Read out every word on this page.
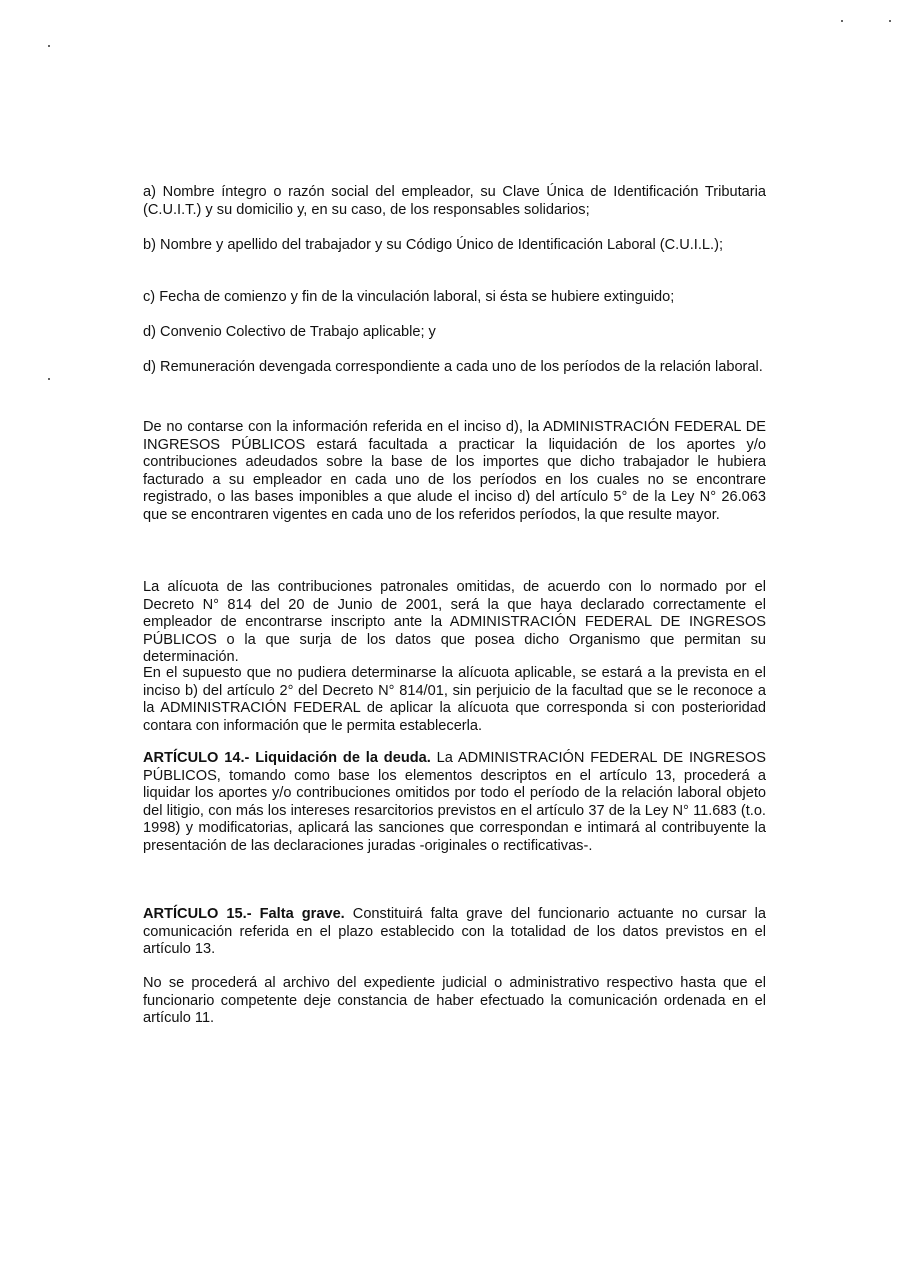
a) Nombre íntegro o razón social del empleador, su Clave Única de Identificación Tributaria (C.U.I.T.) y su domicilio y, en su caso, de los responsables solidarios;

b) Nombre y apellido del trabajador y su Código Único de Identificación Laboral (C.U.I.L.);

c) Fecha de comienzo y fin de la vinculación laboral, si ésta se hubiere extinguido;

d) Convenio Colectivo de Trabajo aplicable; y

d) Remuneración devengada correspondiente a cada uno de los períodos de la relación laboral.

De no contarse con la información referida en el inciso d), la ADMINISTRACIÓN FEDERAL DE INGRESOS PÚBLICOS estará facultada a practicar la liquidación de los aportes y/o contribuciones adeudados sobre la base de los importes que dicho trabajador le hubiera facturado a su empleador en cada uno de los períodos en los cuales no se encontrare registrado, o las bases imponibles a que alude el inciso d) del artículo 5° de la Ley N° 26.063 que se encontraren vigentes en cada uno de los referidos períodos, la que resulte mayor.

La alícuota de las contribuciones patronales omitidas, de acuerdo con lo normado por el Decreto N° 814 del 20 de Junio de 2001, será la que haya declarado correctamente el empleador de encontrarse inscripto ante la ADMINISTRACIÓN FEDERAL DE INGRESOS PÚBLICOS o la que surja de los datos que posea dicho Organismo que permitan su determinación.

En el supuesto que no pudiera determinarse la alícuota aplicable, se estará a la prevista en el inciso b) del artículo 2° del Decreto N° 814/01, sin perjuicio de la facultad que se le reconoce a la ADMINISTRACIÓN FEDERAL de aplicar la alícuota que corresponda si con posterioridad contara con información que le permita establecerla.

ARTÍCULO 14.- Liquidación de la deuda. La ADMINISTRACIÓN FEDERAL DE INGRESOS PÚBLICOS, tomando como base los elementos descriptos en el artículo 13, procederá a liquidar los aportes y/o contribuciones omitidos por todo el período de la relación laboral objeto del litigio, con más los intereses resarcitorios previstos en el artículo 37 de la Ley N° 11.683 (t.o. 1998) y modificatorias, aplicará las sanciones que correspondan e intimará al contribuyente la presentación de las declaraciones juradas -originales o rectificativas-.

ARTÍCULO 15.- Falta grave. Constituirá falta grave del funcionario actuante no cursar la comunicación referida en el plazo establecido con la totalidad de los datos previstos en el artículo 13.

No se procederá al archivo del expediente judicial o administrativo respectivo hasta que el funcionario competente deje constancia de haber efectuado la comunicación ordenada en el artículo 11.
